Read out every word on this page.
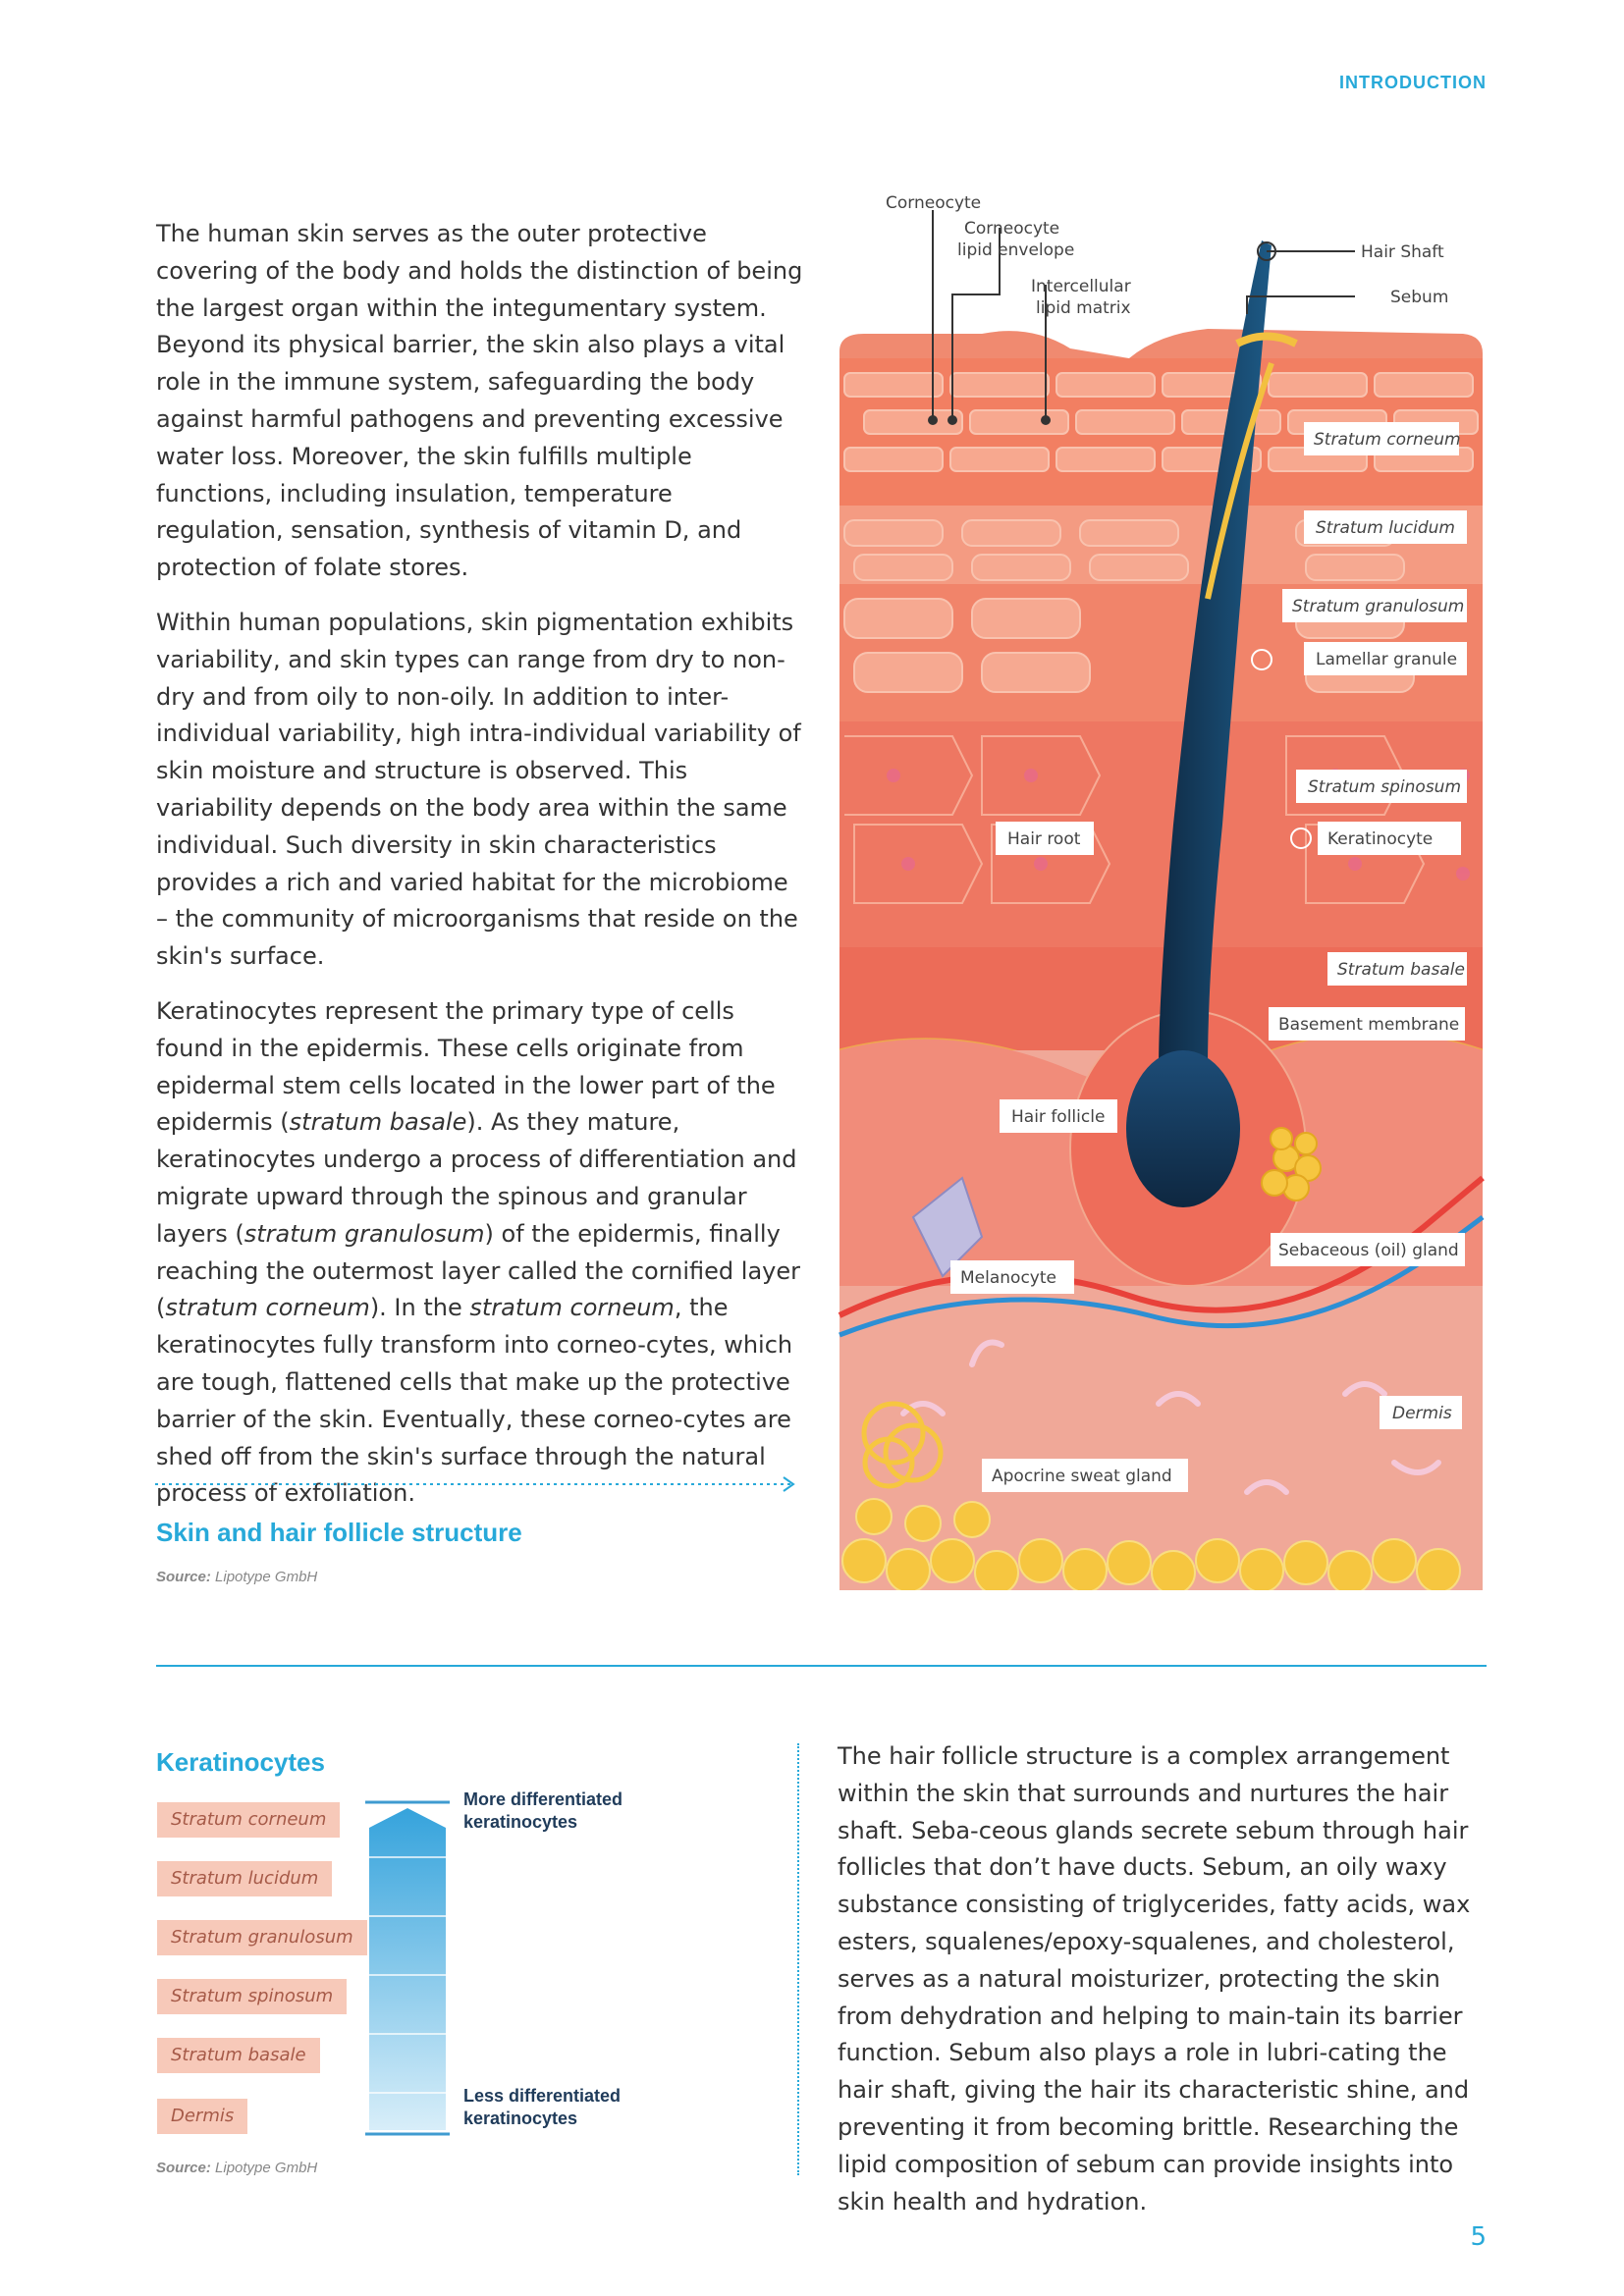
INTRODUCTION

The human skin serves as the outer protective covering of the body and holds the distinction of being the largest organ within the integumentary system. Beyond its physical barrier, the skin also plays a vital role in the immune system, safeguarding the body against harmful pathogens and preventing excessive water loss. Moreover, the skin fulfills multiple functions, including insulation, temperature regulation, sensation, synthesis of vitamin D, and protection of folate stores.

Within human populations, skin pigmentation exhibits variability, and skin types can range from dry to non-dry and from oily to non-oily. In addition to inter-individual variability, high intra-individual variability of skin moisture and structure is observed. This variability depends on the body area within the same individual. Such diversity in skin characteristics provides a rich and varied habitat for the microbiome – the community of microorganisms that reside on the skin's surface.

Keratinocytes represent the primary type of cells found in the epidermis. These cells originate from epidermal stem cells located in the lower part of the epidermis (stratum basale). As they mature, keratinocytes undergo a process of differentiation and migrate upward through the spinous and granular layers (stratum granulosum) of the epidermis, finally reaching the outermost layer called the cornified layer (stratum corneum). In the stratum corneum, the keratinocytes fully transform into corneo-cytes, which are tough, flattened cells that make up the protective barrier of the skin. Eventually, these corneo-cytes are shed off from the skin's surface through the natural process of exfoliation.

Skin and hair follicle structure
Source: Lipotype GmbH
Corneocyte
Corneocyte
lipid envelope
Intercellular
lipid matrix
Hair Shaft
Sebum
Stratum corneum
Stratum lucidum
Stratum granulosum
Lamellar granule
Stratum spinosum
Keratinocyte
Hair root
Stratum basale
Basement membrane
Hair follicle
Melanocyte
Sebaceous (oil) gland
Dermis
Apocrine sweat gland
Keratinocytes
Stratum corneum
Stratum lucidum
Stratum granulosum
Stratum spinosum
Stratum basale
Dermis
More differentiated
keratinocytes
Less differentiated
keratinocytes
Source: Lipotype GmbH

The hair follicle structure is a complex arrangement within the skin that surrounds and nurtures the hair shaft. Seba-ceous glands secrete sebum through hair follicles that don’t have ducts. Sebum, an oily waxy substance consisting of triglycerides, fatty acids, wax esters, squalenes/epoxy-squalenes, and cholesterol, serves as a natural moisturizer, protecting the skin from dehydration and helping to main-tain its barrier function. Sebum also plays a role in lubri-cating the hair shaft, giving the hair its characteristic shine, and preventing it from becoming brittle. Researching the lipid composition of sebum can provide insights into skin health and hydration.

5
